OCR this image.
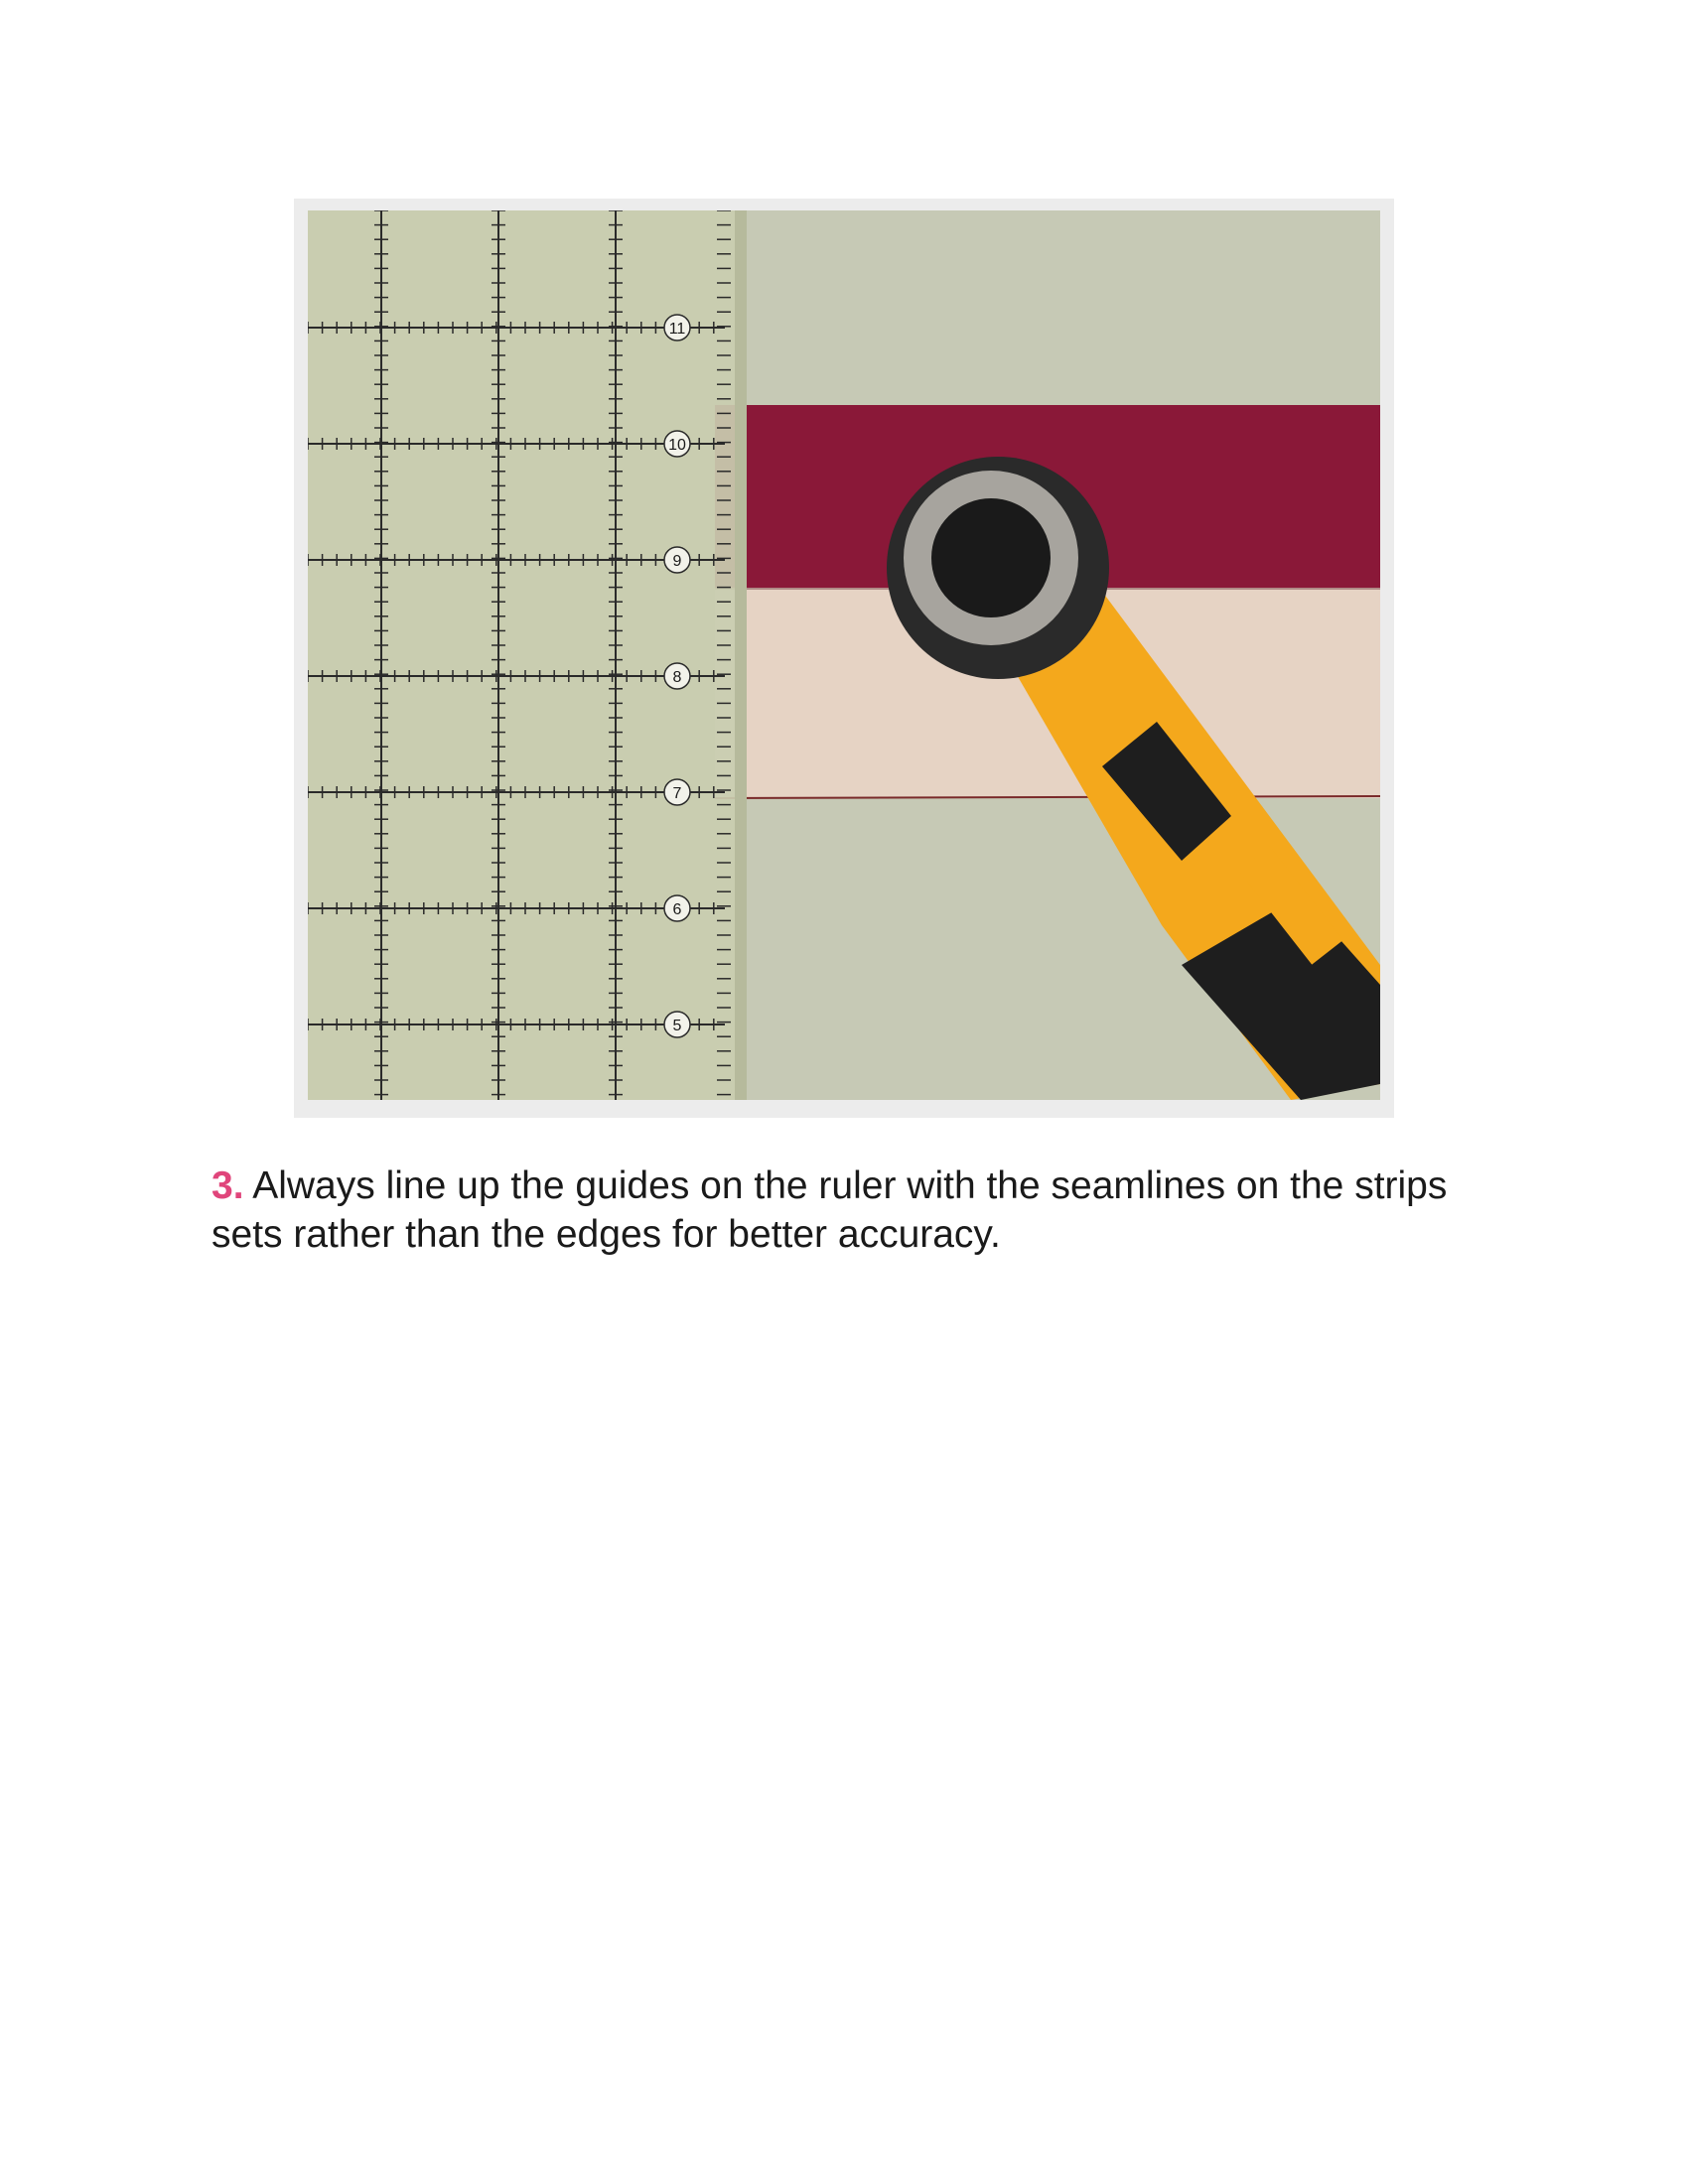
11
10
9
8
7
6
5
3. Always line up the guides on the ruler with the seamlines on the strips sets rather than the edges for better accuracy.
